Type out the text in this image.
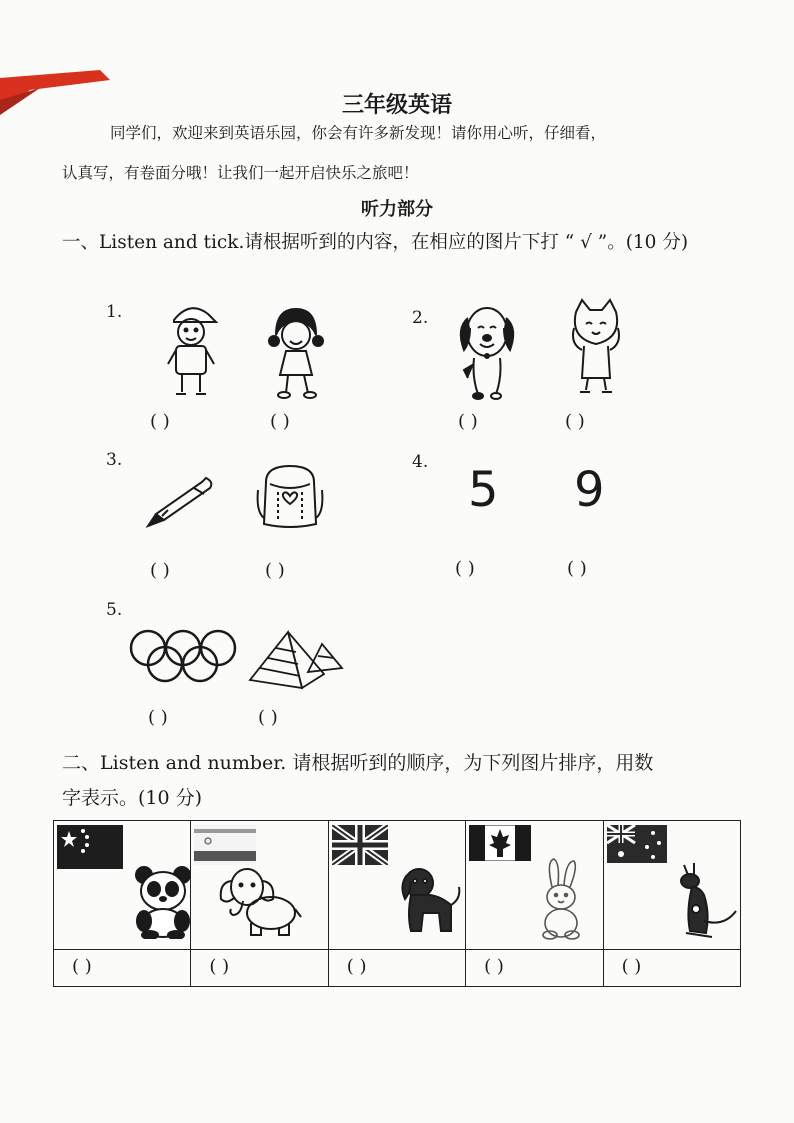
三年级英语
同学们，欢迎来到英语乐园，你会有许多新发现！请你用心听，仔细看，
认真写，有卷面分哦！让我们一起开启快乐之旅吧！
听力部分
一、Listen and tick.请根据听到的内容，在相应的图片下打 “ √ ”。(10 分)
1.
( )	( )
2.
( )	( )
3.
( )	( )
4. 5 9
( )	( )
5.
( )	( )
二、Listen and number. 请根据听到的顺序，为下列图片排序，用数
字表示。(10 分)

( )	( )	( )	( )	( )
